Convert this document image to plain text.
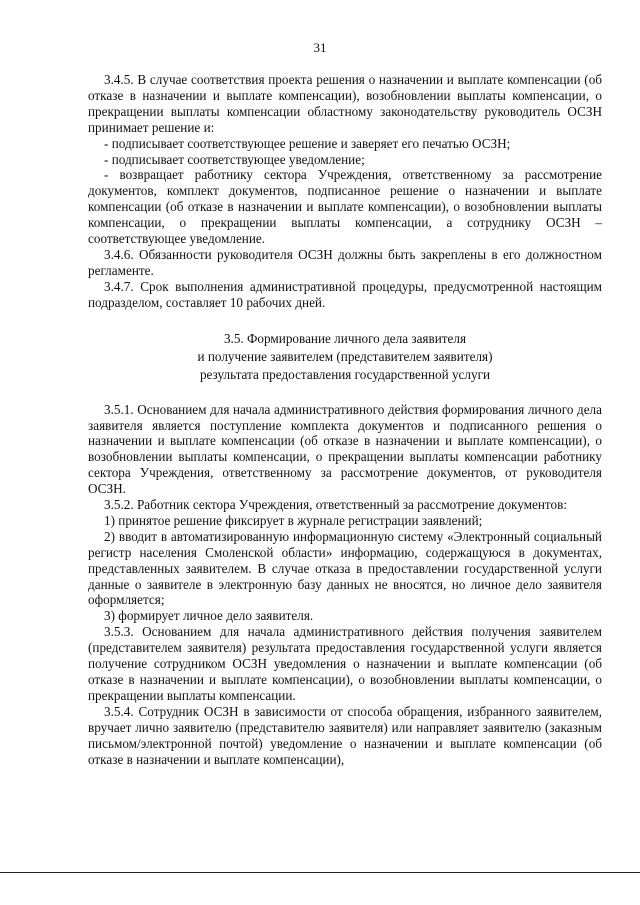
31

3.4.5. В случае соответствия проекта решения о назначении и выплате компенсации (об отказе в назначении и выплате компенсации), возобновлении выплаты компенсации, о прекращении выплаты компенсации областному законодательству руководитель ОСЗН принимает решение и:

- подписывает соответствующее решение и заверяет его печатью ОСЗН;

- подписывает соответствующее уведомление;

- возвращает работнику сектора Учреждения, ответственному за рассмотрение документов, комплект документов, подписанное решение о назначении и выплате компенсации (об отказе в назначении и выплате компенсации), о возобновлении выплаты компенсации, о прекращении выплаты компенсации, а сотруднику ОСЗН – соответствующее уведомление.

3.4.6. Обязанности руководителя ОСЗН должны быть закреплены в его должностном регламенте.

3.4.7. Срок выполнения административной процедуры, предусмотренной настоящим подразделом, составляет 10 рабочих дней.

3.5. Формирование личного дела заявителя
и получение заявителем (представителем заявителя)
результата предоставления государственной услуги

3.5.1. Основанием для начала административного действия формирования личного дела заявителя является поступление комплекта документов и подписанного решения о назначении и выплате компенсации (об отказе в назначении и выплате компенсации), о возобновлении выплаты компенсации, о прекращении выплаты компенсации работнику сектора Учреждения, ответственному за рассмотрение документов, от руководителя ОСЗН.

3.5.2. Работник сектора Учреждения, ответственный за рассмотрение документов:

1) принятое решение фиксирует в журнале регистрации заявлений;

2) вводит в автоматизированную информационную систему «Электронный социальный регистр населения Смоленской области» информацию, содержащуюся в документах, представленных заявителем. В случае отказа в предоставлении государственной услуги данные о заявителе в электронную базу данных не вносятся, но личное дело заявителя оформляется;

3) формирует личное дело заявителя.

3.5.3. Основанием для начала административного действия получения заявителем (представителем заявителя) результата предоставления государственной услуги является получение сотрудником ОСЗН уведомления о назначении и выплате компенсации (об отказе в назначении и выплате компенсации), о возобновлении выплаты компенсации, о прекращении выплаты компенсации.

3.5.4. Сотрудник ОСЗН в зависимости от способа обращения, избранного заявителем, вручает лично заявителю (представителю заявителя) или направляет заявителю (заказным письмом/электронной почтой) уведомление о назначении и выплате компенсации (об отказе в назначении и выплате компенсации),
